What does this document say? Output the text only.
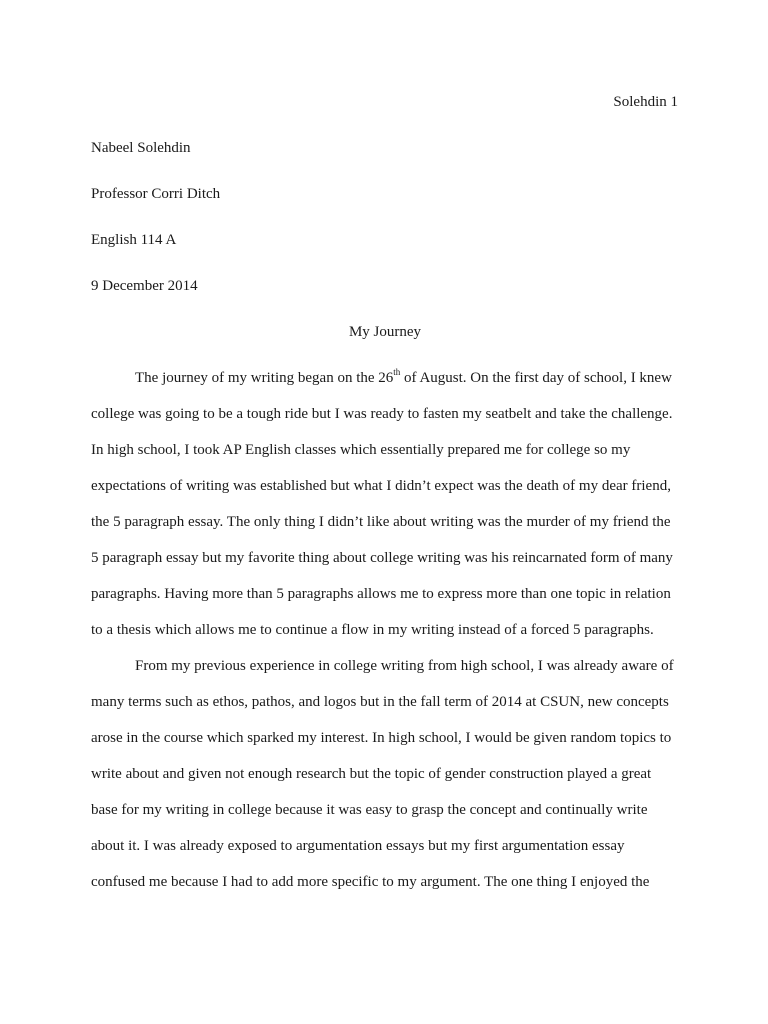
Solehdin 1
Nabeel Solehdin
Professor Corri Ditch
English 114 A
9 December 2014
My Journey
The journey of my writing began on the 26th of August. On the first day of school, I knew
college was going to be a tough ride but I was ready to fasten my seatbelt and take the challenge.
In high school, I took AP English classes which essentially prepared me for college so my
expectations of writing was established but what I didn’t expect was the death of my dear friend,
the 5 paragraph essay. The only thing I didn’t like about writing was the murder of my friend the
5 paragraph essay but my favorite thing about college writing was his reincarnated form of many
paragraphs. Having more than 5 paragraphs allows me to express more than one topic in relation
to a thesis which allows me to continue a flow in my writing instead of a forced 5 paragraphs.
From my previous experience in college writing from high school, I was already aware of
many terms such as ethos, pathos, and logos but in the fall term of 2014 at CSUN, new concepts
arose in the course which sparked my interest. In high school, I would be given random topics to
write about and given not enough research but the topic of gender construction played a great
base for my writing in college because it was easy to grasp the concept and continually write
about it. I was already exposed to argumentation essays but my first argumentation essay
confused me because I had to add more specific to my argument. The one thing I enjoyed the
